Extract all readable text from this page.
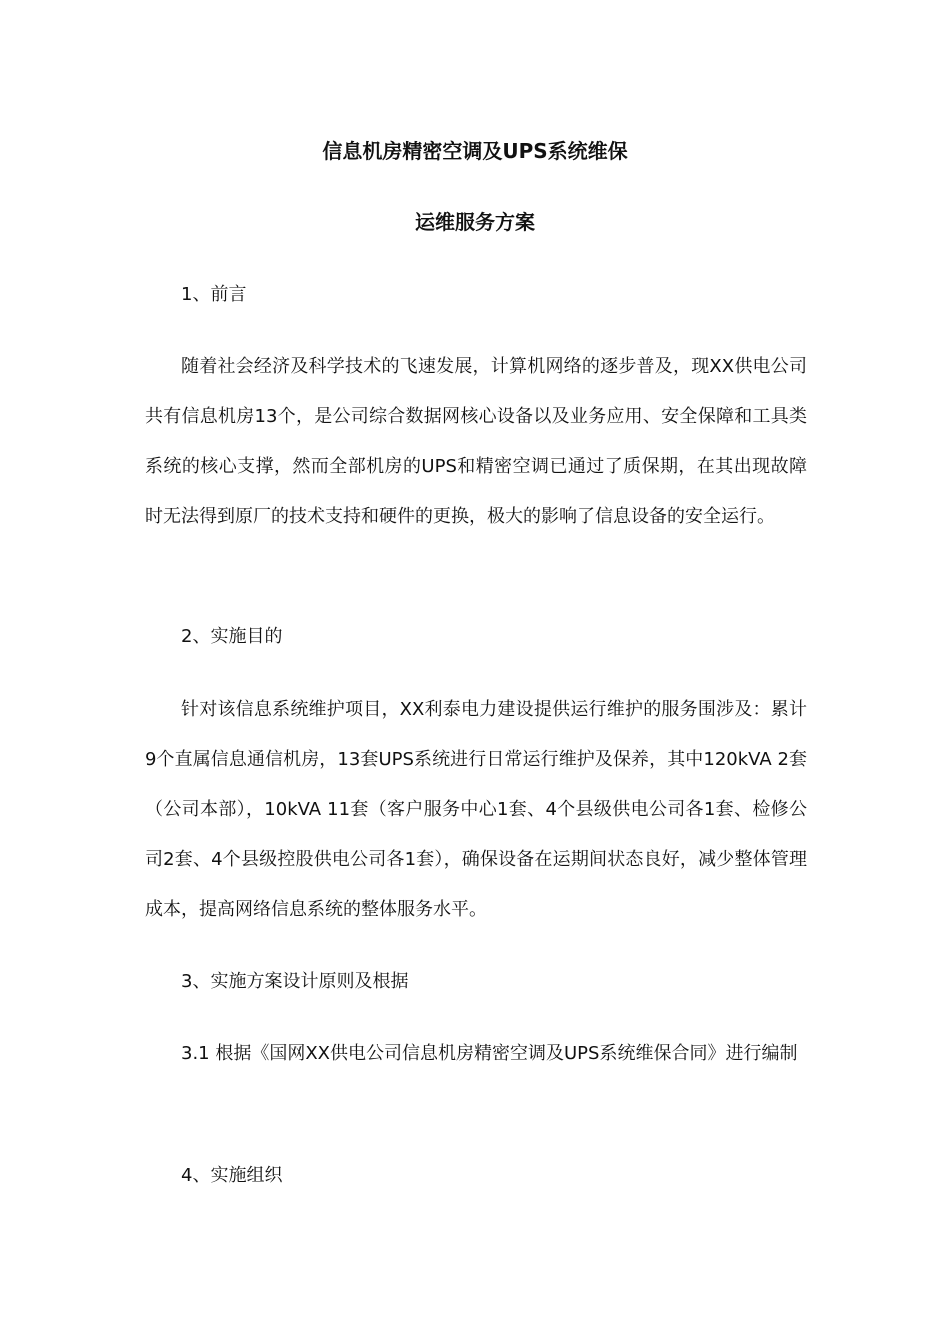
信息机房精密空调及UPS系统维保
运维服务方案

1、前言

随着社会经济及科学技术的飞速发展，计算机网络的逐步普及，现XX供电公司共有信息机房13个，是公司综合数据网核心设备以及业务应用、安全保障和工具类系统的核心支撑，然而全部机房的UPS和精密空调已通过了质保期，在其出现故障时无法得到原厂的技术支持和硬件的更换，极大的影响了信息设备的安全运行。

2、实施目的

针对该信息系统维护项目，XX利泰电力建设提供运行维护的服务围涉及：累计9个直属信息通信机房，13套UPS系统进行日常运行维护及保养，其中120kVA 2套（公司本部），10kVA 11套（客户服务中心1套、4个县级供电公司各1套、检修公司2套、4个县级控股供电公司各1套），确保设备在运期间状态良好，减少整体管理成本，提高网络信息系统的整体服务水平。

3、实施方案设计原则及根据

3.1 根据《国网XX供电公司信息机房精密空调及UPS系统维保合同》进行编制

4、实施组织
